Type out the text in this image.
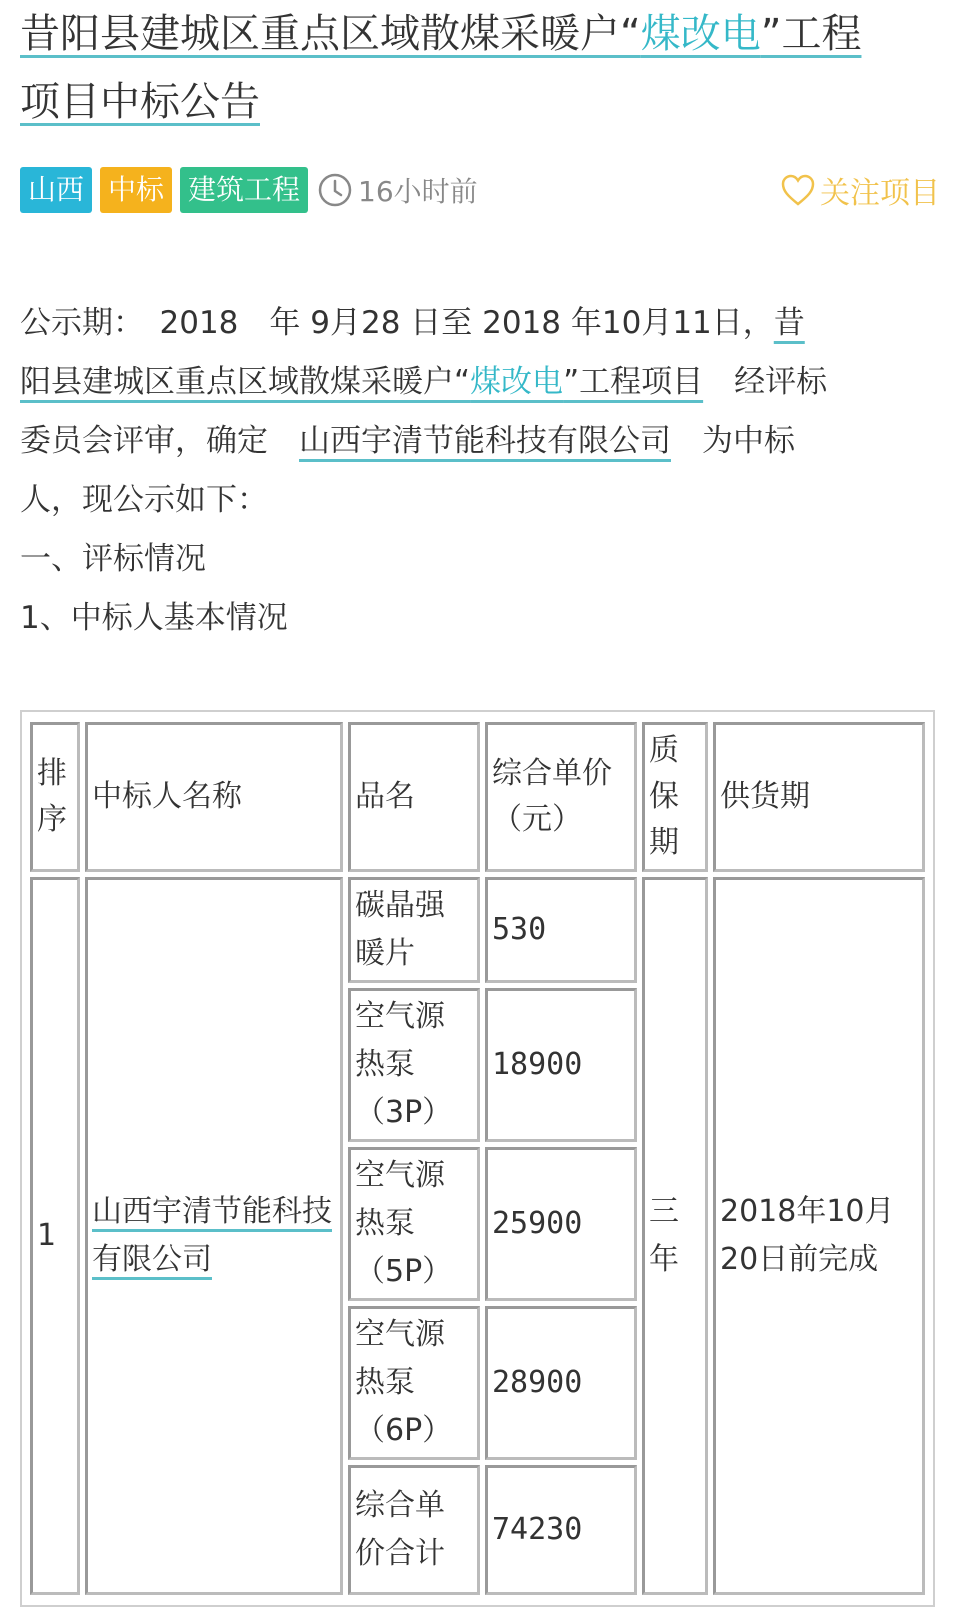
昔阳县建城区重点区域散煤采暖户“煤改电”工程
项目中标公告
山西 中标 建筑工程 16小时前	关注项目

公示期：　2018　年 9月28 日至 2018 年10月11日，昔

阳县建城区重点区域散煤采暖户“煤改电”工程项目　经评标

委员会评审，确定　山西宇清节能科技有限公司　为中标

人，现公示如下：

一、评标情况

1、中标人基本情况

排序	中标人名称	品名	综合单价（元）	质保期	供货期
1	山西宇清节能科技有限公司	碳晶强暖片	530	三年	2018年10月20日前完成
		空气源热泵（3P）	18900		
		空气源热泵（5P）	25900		
		空气源热泵（6P）	28900		
		综合单价合计	74230		
